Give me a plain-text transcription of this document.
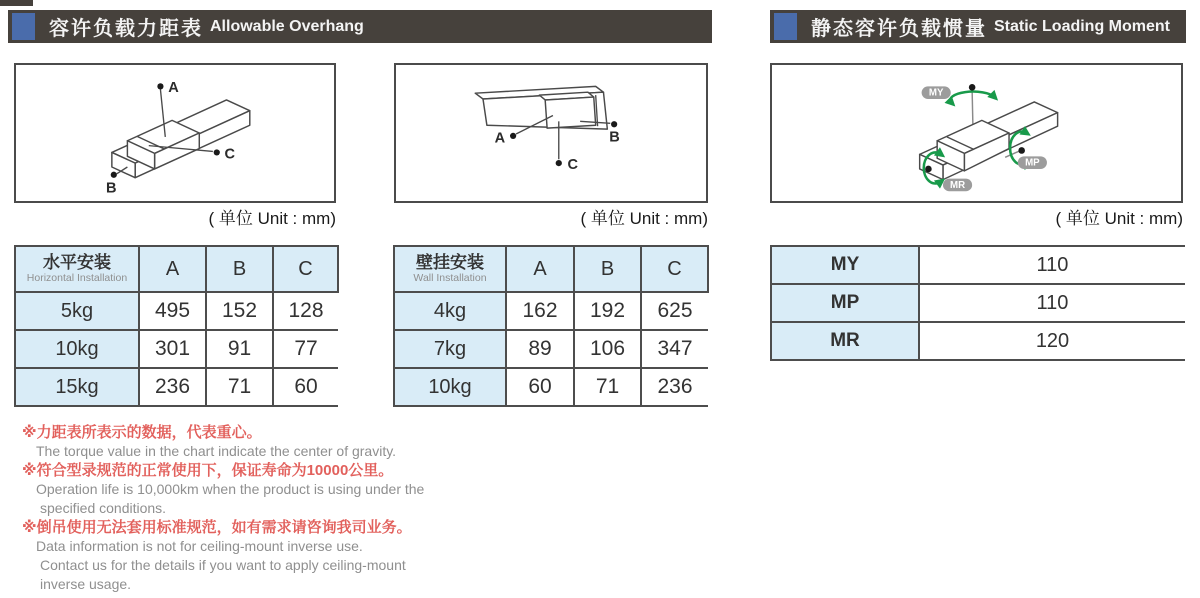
容许负载力距表 Allowable Overhang	静态容许负载惯量 Static Loading Moment
A
C
B
A	B
C
MY
MP
MR
( 单位 Unit : mm)	( 单位 Unit : mm)	( 单位 Unit : mm)
水平安装
Horizontal Installation	A	B	C
5kg	495	152	128
10kg	301	91	77
15kg	236	71	60
壁挂安装
Wall Installation	A	B	C
4kg	162	192	625
7kg	89	106	347
10kg	60	71	236
MY	110
MP	110
MR	120
※力距表所表示的数据，代表重心。
The torque value in the chart indicate the center of gravity.
※符合型录规范的正常使用下，保证寿命为10000公里。
Operation life is 10,000km when the product is using under the
specified conditions.
※倒吊使用无法套用标准规范，如有需求请咨询我司业务。
Data information is not for ceiling-mount inverse use.
Contact us for the details if you want to apply ceiling-mount
inverse usage.
